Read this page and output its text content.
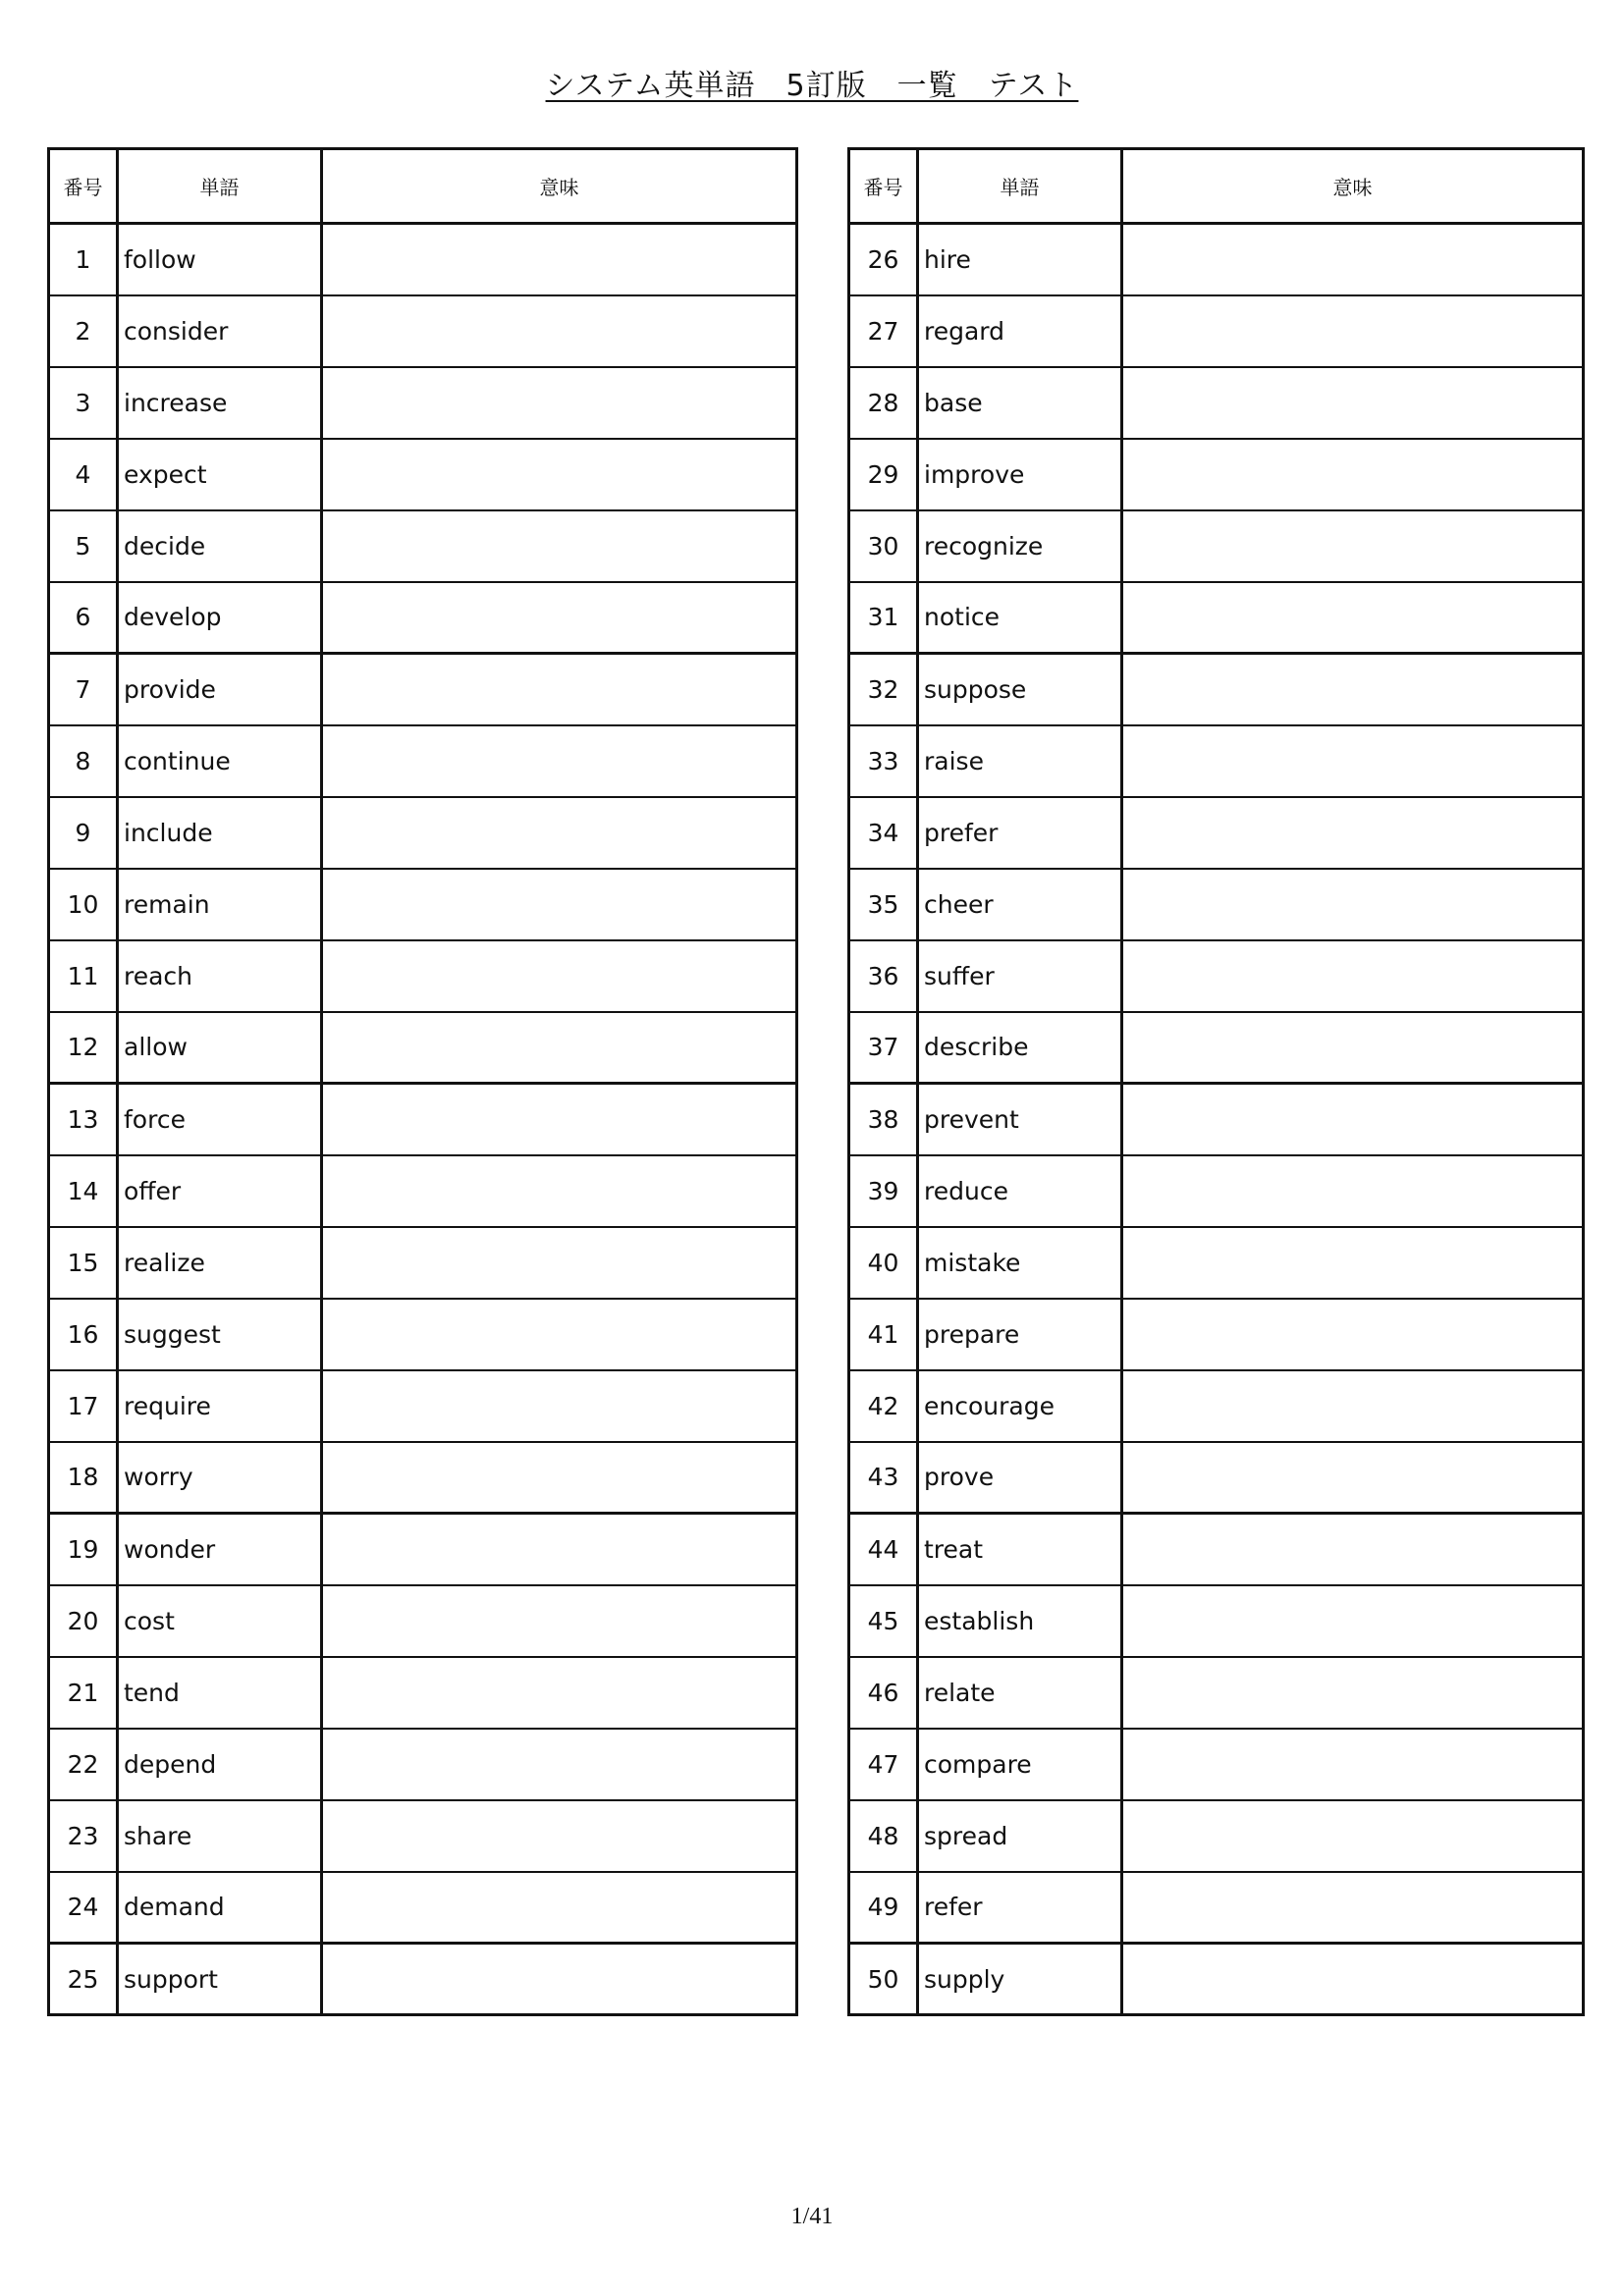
システム英単語　5訂版　一覧　テスト
番号	単語	意味
1	follow	
2	consider	
3	increase	
4	expect	
5	decide	
6	develop	
7	provide	
8	continue	
9	include	
10	remain	
11	reach	
12	allow	
13	force	
14	offer	
15	realize	
16	suggest	
17	require	
18	worry	
19	wonder	
20	cost	
21	tend	
22	depend	
23	share	
24	demand	
25	support	
番号	単語	意味
26	hire	
27	regard	
28	base	
29	improve	
30	recognize	
31	notice	
32	suppose	
33	raise	
34	prefer	
35	cheer	
36	suffer	
37	describe	
38	prevent	
39	reduce	
40	mistake	
41	prepare	
42	encourage	
43	prove	
44	treat	
45	establish	
46	relate	
47	compare	
48	spread	
49	refer	
50	supply	
1/41
